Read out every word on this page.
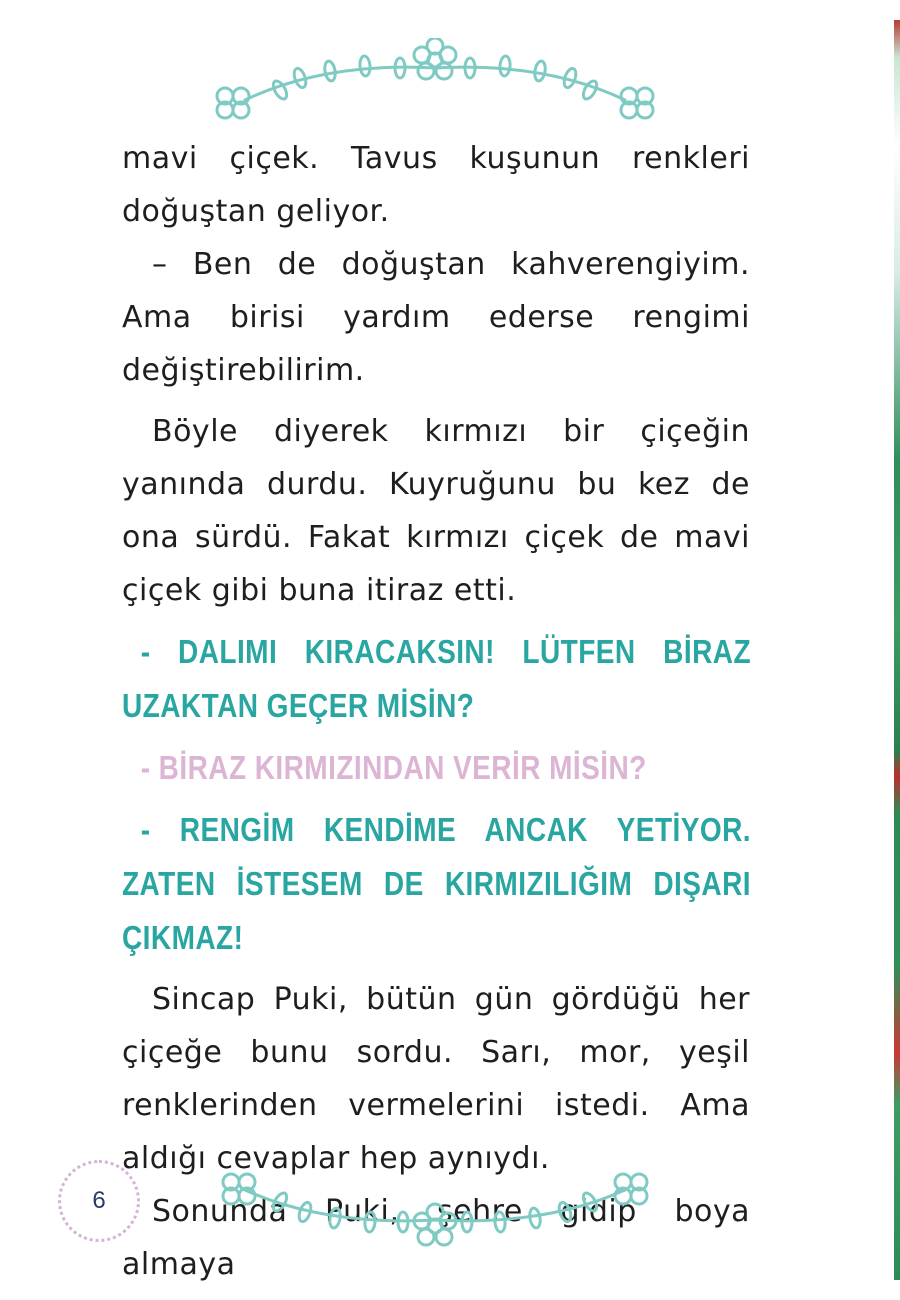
mavi çiçek. Tavus kuşunun renkleri doğuştan geliyor.

– Ben de doğuştan kahverengiyim. Ama birisi yardım ederse rengimi değiştirebilirim.

Böyle diyerek kırmızı bir çiçeğin yanında durdu. Kuyruğunu bu kez de ona sürdü. Fakat kırmızı çiçek de mavi çiçek gibi buna itiraz etti.

- DALIMI KIRACAKSIN! LÜTFEN BİRAZ UZAKTAN GEÇER MİSİN?

- BİRAZ KIRMIZINDAN VERİR MİSİN?

- RENGİM KENDİME ANCAK YETİYOR. ZATEN İSTESEM DE KIRMIZILIĞIM DIŞARI ÇIKMAZ!

Sincap Puki, bütün gün gördüğü her çiçeğe bunu sordu. Sarı, mor, yeşil renklerinden vermelerini istedi. Ama aldığı cevaplar hep aynıydı.

Sonunda Puki, şehre gidip boya almaya

6
